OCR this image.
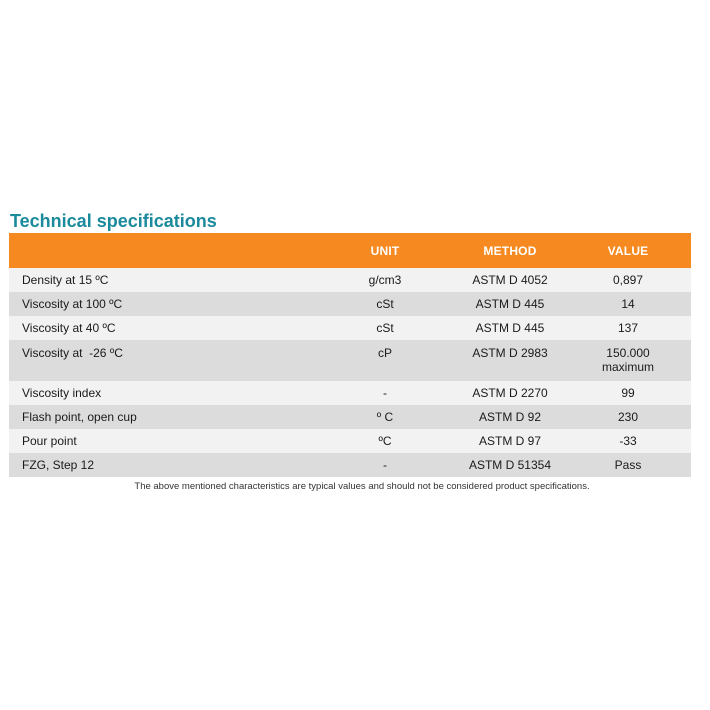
Technical specifications
	UNIT	METHOD	VALUE
Density at 15 ºC	g/cm3	ASTM D 4052	0,897
Viscosity at 100 ºC	cSt	ASTM D 445	14
Viscosity at 40 ºC	cSt	ASTM D 445	137
Viscosity at  -26 ºC	cP	ASTM D 2983	150.000
maximum

Viscosity index	-	ASTM D 2270	99
Flash point, open cup	º C	ASTM D 92	230
Pour point	ºC	ASTM D 97	-33
FZG, Step 12	-	ASTM D 51354	Pass
The above mentioned characteristics are typical values and should not be considered product specifications.
